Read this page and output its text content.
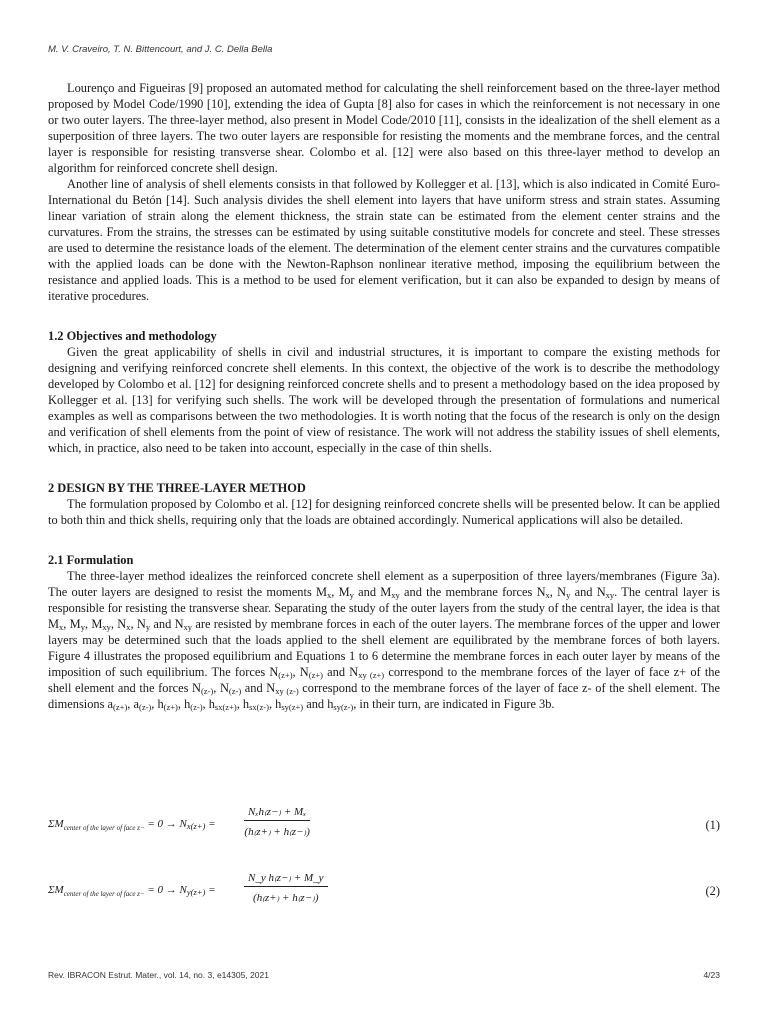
M. V. Craveiro, T. N. Bittencourt, and J. C. Della Bella

Lourenço and Figueiras [9] proposed an automated method for calculating the shell reinforcement based on the three-layer method proposed by Model Code/1990 [10], extending the idea of Gupta [8] also for cases in which the reinforcement is not necessary in one or two outer layers. The three-layer method, also present in Model Code/2010 [11], consists in the idealization of the shell element as a superposition of three layers. The two outer layers are responsible for resisting the moments and the membrane forces, and the central layer is responsible for resisting transverse shear. Colombo et al. [12] were also based on this three-layer method to develop an algorithm for reinforced concrete shell design.

Another line of analysis of shell elements consists in that followed by Kollegger et al. [13], which is also indicated in Comité Euro-International du Betón [14]. Such analysis divides the shell element into layers that have uniform stress and strain states. Assuming linear variation of strain along the element thickness, the strain state can be estimated from the element center strains and the curvatures. From the strains, the stresses can be estimated by using suitable constitutive models for concrete and steel. These stresses are used to determine the resistance loads of the element. The determination of the element center strains and the curvatures compatible with the applied loads can be done with the Newton-Raphson nonlinear iterative method, imposing the equilibrium between the resistance and applied loads. This is a method to be used for element verification, but it can also be expanded to design by means of iterative procedures.

1.2 Objectives and methodology

Given the great applicability of shells in civil and industrial structures, it is important to compare the existing methods for designing and verifying reinforced concrete shell elements. In this context, the objective of the work is to describe the methodology developed by Colombo et al. [12] for designing reinforced concrete shells and to present a methodology based on the idea proposed by Kollegger et al. [13] for verifying such shells. The work will be developed through the presentation of formulations and numerical examples as well as comparisons between the two methodologies. It is worth noting that the focus of the research is only on the design and verification of shell elements from the point of view of resistance. The work will not address the stability issues of shell elements, which, in practice, also need to be taken into account, especially in the case of thin shells.

2 DESIGN BY THE THREE-LAYER METHOD

The formulation proposed by Colombo et al. [12] for designing reinforced concrete shells will be presented below. It can be applied to both thin and thick shells, requiring only that the loads are obtained accordingly. Numerical applications will also be detailed.

2.1 Formulation

The three-layer method idealizes the reinforced concrete shell element as a superposition of three layers/membranes (Figure 3a). The outer layers are designed to resist the moments $M_x$, $M_y$ and $M_{xy}$ and the membrane forces $N_x$, $N_y$ and $N_{xy}$. The central layer is responsible for resisting the transverse shear. Separating the study of the outer layers from the study of the central layer, the idea is that $M_x$, $M_y$, $M_{xy}$, $N_x$, $N_y$ and $N_{xy}$ are resisted by membrane forces in each of the outer layers. The membrane forces of the upper and lower layers may be determined such that the loads applied to the shell element are equilibrated by the membrane forces of both layers. Figure 4 illustrates the proposed equilibrium and Equations 1 to 6 determine the membrane forces in each outer layer by means of the imposition of such equilibrium. The forces $N_{(z+)}$, $N_{(z+)}$ and $N_{xy (z+)}$ correspond to the membrane forces of the layer of face z+ of the shell element and the forces $N_{(z-)}$, $N_{(z-)}$ and $N_{xy (z-)}$ correspond to the membrane forces of the layer of face z- of the shell element. The dimensions $a_{(z+)}$, $a_{(z-)}$, $h_{(z+)}$, $h_{(z-)}$, $h_{sx(z+)}$, $h_{sx(z-)}$, $h_{sy(z+)}$ and $h_{sy(z-)}$, in their turn, are indicated in Figure 3b.

$\Sigma M_{center of the layer of face z-} = 0 \to N_{x(z+)}$ =
Nₓh₍z−₎ + Mₓ
(h₍z+₎ + h₍z−₎)	(1)
$\Sigma M_{center of the layer of face z-} = 0 \to N_{y(z+)}$ =	$\frac{\text{N\_y h₍z−₎ + M\_y}}{(h_(z+_) + h_(z-_))}$	(2)
Rev. IBRACON Estrut. Mater., vol. 14, no. 3, e14305, 2021	4/23
